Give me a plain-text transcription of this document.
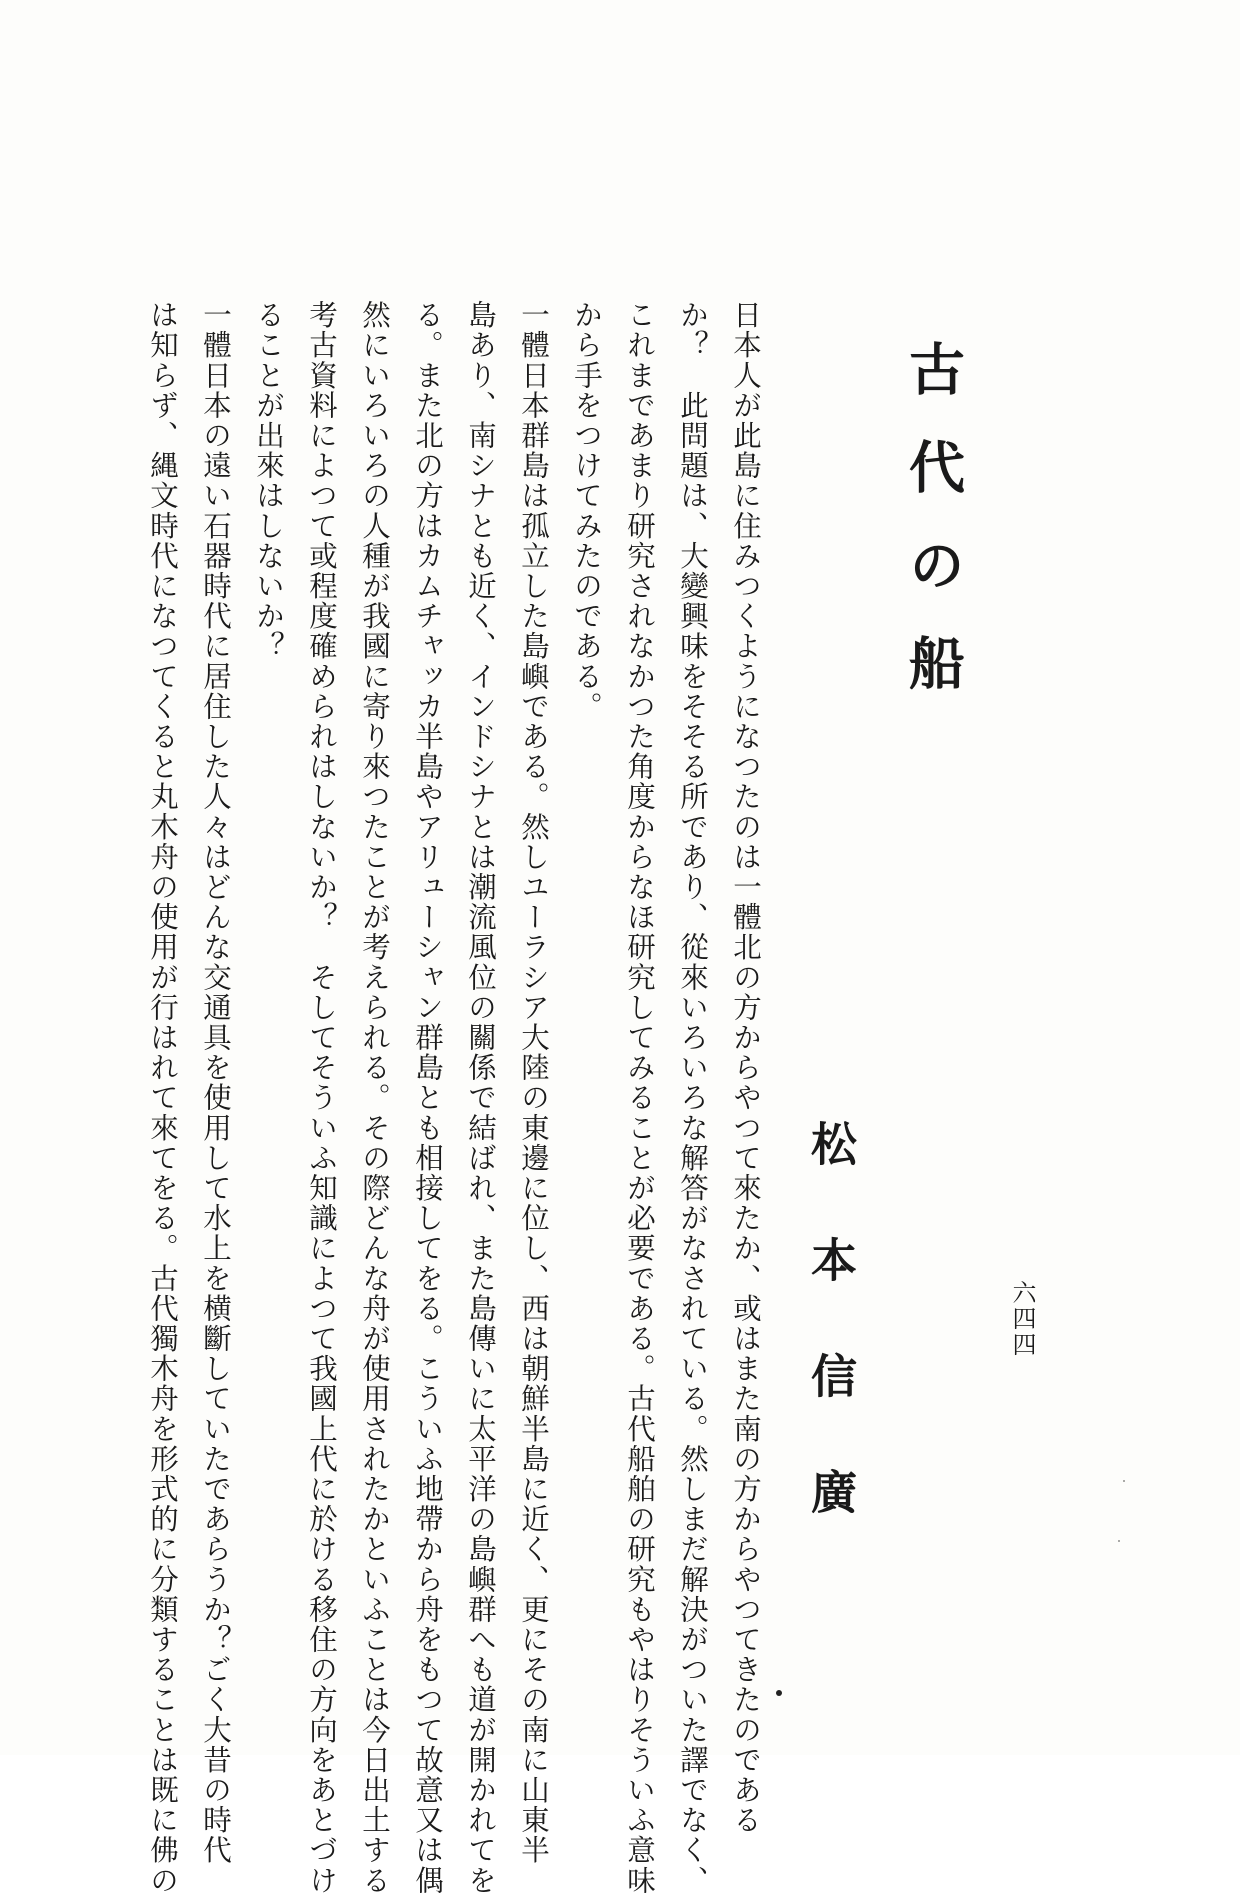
古代の船
松本信廣	六四四
日本人が此島に住みつくようになつたのは一體北の方からやつて來たか、或はまた南の方からやつてきたのである
か？　此問題は、大變興味をそそる所であり、從來いろいろな解答がなされている。然しまだ解決がついた譯でなく、
これまであまり研究されなかつた角度からなほ研究してみることが必要である。古代船舶の研究もやはりそういふ意味
から手をつけてみたのである。
一體日本群島は孤立した島嶼である。然しユーラシア大陸の東邊に位し、西は朝鮮半島に近く、更にその南に山東半
島あり、南シナとも近く、インドシナとは潮流風位の關係で結ばれ、また島傳いに太平洋の島嶼群へも道が開かれてを
る。また北の方はカムチャッカ半島やアリューシャン群島とも相接してをる。こういふ地帶から舟をもつて故意又は偶
然にいろいろの人種が我國に寄り來つたことが考えられる。その際どんな舟が使用されたかといふことは今日出土する
考古資料によつて或程度確められはしないか？　そしてそういふ知識によつて我國上代に於ける移住の方向をあとづけ
ることが出來はしないか？
一體日本の遠い石器時代に居住した人々はどんな交通具を使用して水上を横斷していたであらうか？ごく大昔の時代
は知らず、縄文時代になつてくると丸木舟の使用が行はれて來てをる。古代獨木舟を形式的に分類することは既に佛の
